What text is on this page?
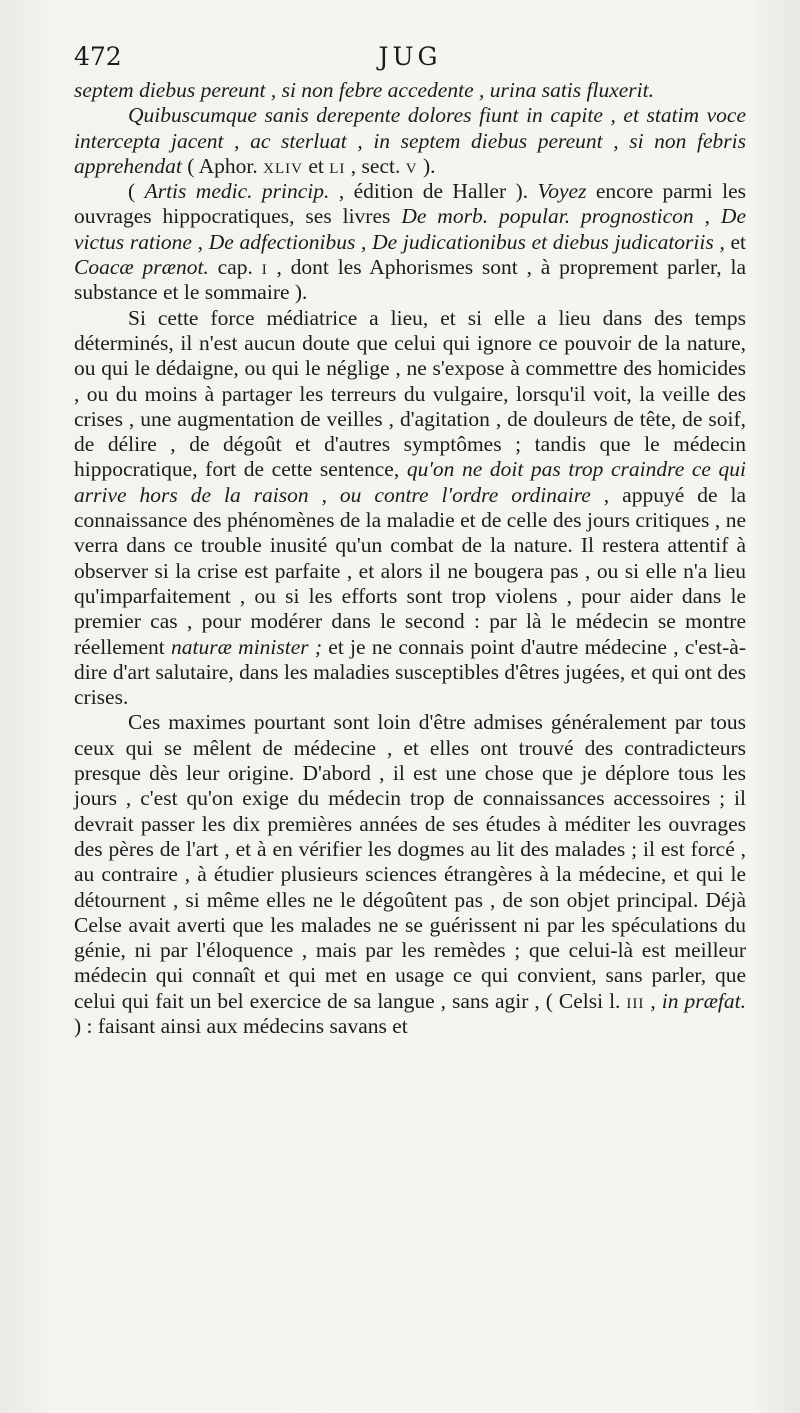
472	JUG

septem diebus pereunt , si non febre accedente , urina satis fluxerit.

Quibuscumque sanis derepente dolores fiunt in capite , et statim voce intercepta jacent , ac sterluat , in septem diebus pereunt , si non febris apprehendat ( Aphor. xliv et li , sect. v ).

( Artis medic. princip. , édition de Haller ). Voyez encore parmi les ouvrages hippocratiques, ses livres De morb. popular. prognosticon , De victus ratione , De adfectionibus , De judicationibus et diebus judicatoriis , et Coacæ prænot. cap. i , dont les Aphorismes sont , à proprement parler, la substance et le sommaire ).

Si cette force médiatrice a lieu, et si elle a lieu dans des temps déterminés, il n'est aucun doute que celui qui ignore ce pouvoir de la nature, ou qui le dédaigne, ou qui le néglige , ne s'expose à commettre des homicides , ou du moins à partager les terreurs du vulgaire, lorsqu'il voit, la veille des crises , une augmentation de veilles , d'agitation , de douleurs de tête, de soif, de délire , de dégoût et d'autres symptômes ; tandis que le médecin hippocratique, fort de cette sentence, qu'on ne doit pas trop craindre ce qui arrive hors de la raison , ou contre l'ordre ordinaire , appuyé de la connaissance des phénomènes de la maladie et de celle des jours critiques , ne verra dans ce trouble inusité qu'un combat de la nature. Il restera attentif à observer si la crise est parfaite , et alors il ne bougera pas , ou si elle n'a lieu qu'imparfaitement , ou si les efforts sont trop violens , pour aider dans le premier cas , pour modérer dans le second : par là le médecin se montre réellement naturæ minister ; et je ne connais point d'autre médecine , c'est-à-dire d'art salutaire, dans les maladies susceptibles d'êtres jugées, et qui ont des crises.

Ces maximes pourtant sont loin d'être admises généralement par tous ceux qui se mêlent de médecine , et elles ont trouvé des contradicteurs presque dès leur origine. D'abord , il est une chose que je déplore tous les jours , c'est qu'on exige du médecin trop de connaissances accessoires ; il devrait passer les dix premières années de ses études à méditer les ouvrages des pères de l'art , et à en vérifier les dogmes au lit des malades ; il est forcé , au contraire , à étudier plusieurs sciences étrangères à la médecine, et qui le détournent , si même elles ne le dégoûtent pas , de son objet principal. Déjà Celse avait averti que les malades ne se guérissent ni par les spéculations du génie, ni par l'éloquence , mais par les remèdes ; que celui-là est meilleur médecin qui connaît et qui met en usage ce qui convient, sans parler, que celui qui fait un bel exercice de sa langue , sans agir , ( Celsi l. iii , in præfat. ) : faisant ainsi aux médecins savans et
